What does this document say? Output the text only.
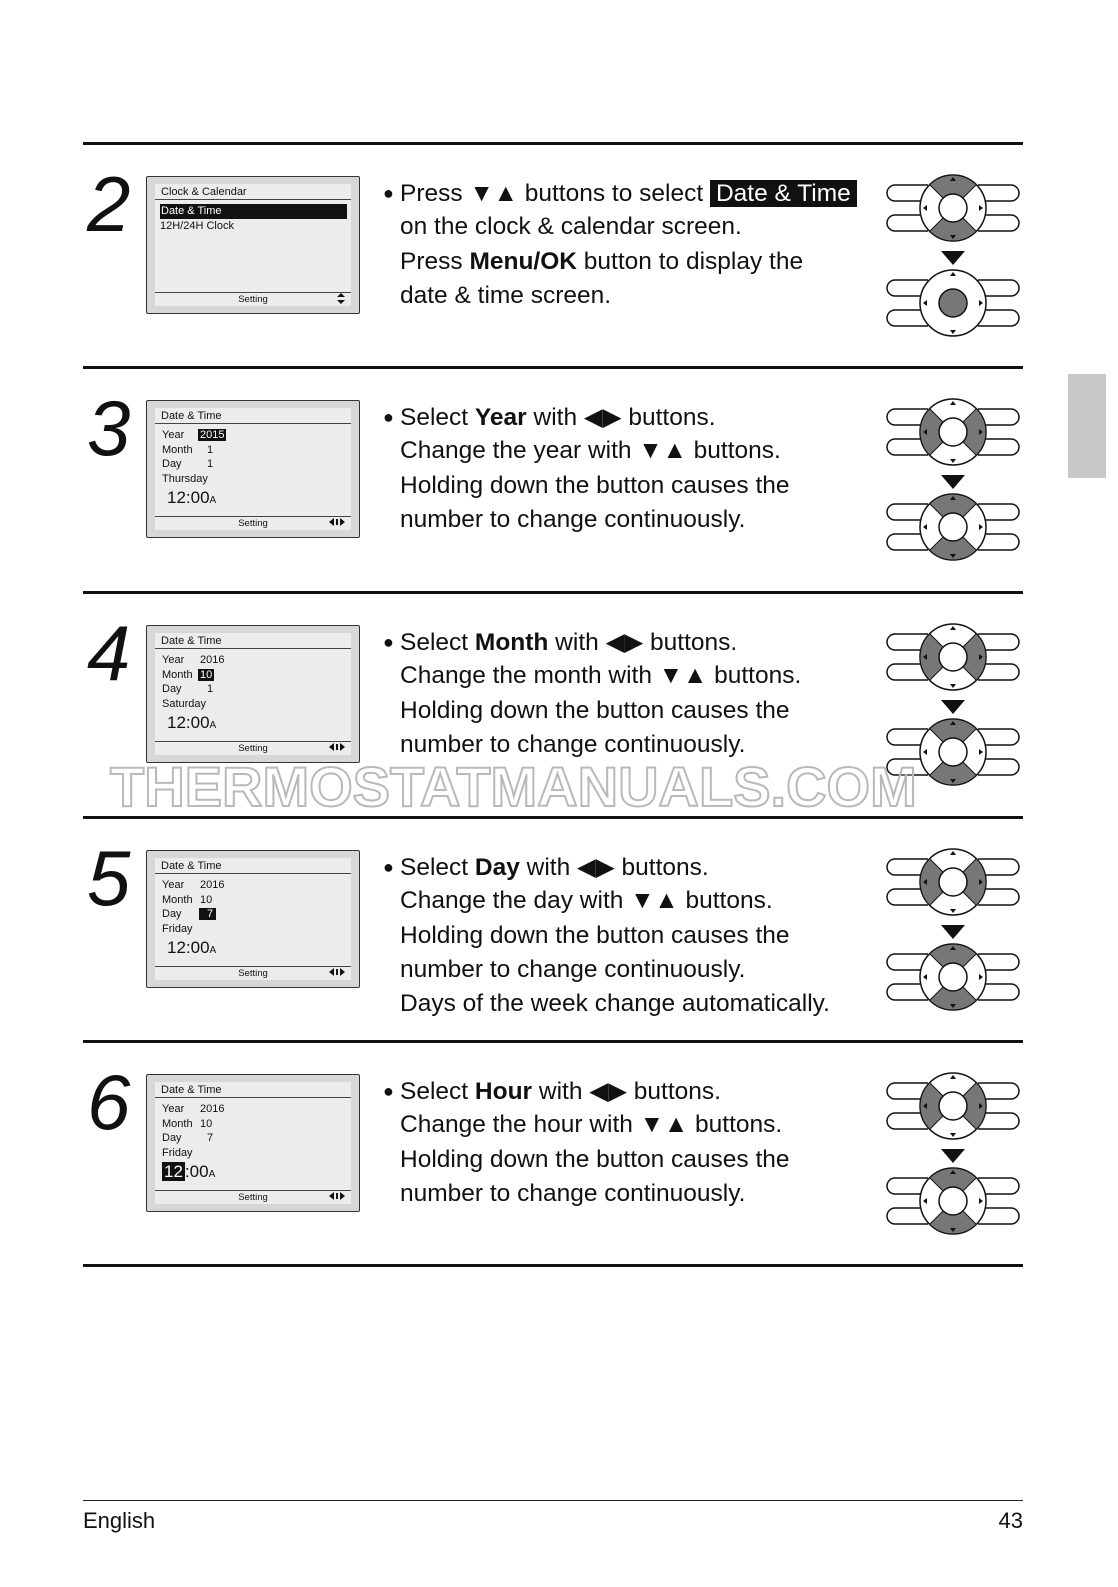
2	Clock & Calendar
Date & Time
12H/24H Clock
Setting
● Press ▼▲ buttons to select Date & Time
on the clock & calendar screen.
Press Menu/OK button to display the
date & time screen.
3	Date & Time
Year 2015
Month 1
Day 1
Thursday
12:00A
Setting
● Select Year with ◀▶ buttons.
Change the year with ▼▲ buttons.
Holding down the button causes the
number to change continuously.
4	Date & Time
Year 2016
Month 10
Day 1
Saturday
12:00A
Setting
● Select Month with ◀▶ buttons.
Change the month with ▼▲ buttons.
Holding down the button causes the
number to change continuously.
THERMOSTATMANUALS.COM
5	Date & Time
Year 2016
Month 10
Day 7
Friday
12:00A
Setting
● Select Day with ◀▶ buttons.
Change the day with ▼▲ buttons.
Holding down the button causes the
number to change continuously.
Days of the week change automatically.
6	Date & Time
Year 2016
Month 10
Day 7
Friday
12 :00A
Setting
● Select Hour with ◀▶ buttons.
Change the hour with ▼▲ buttons.
Holding down the button causes the
number to change continuously.
English	43
